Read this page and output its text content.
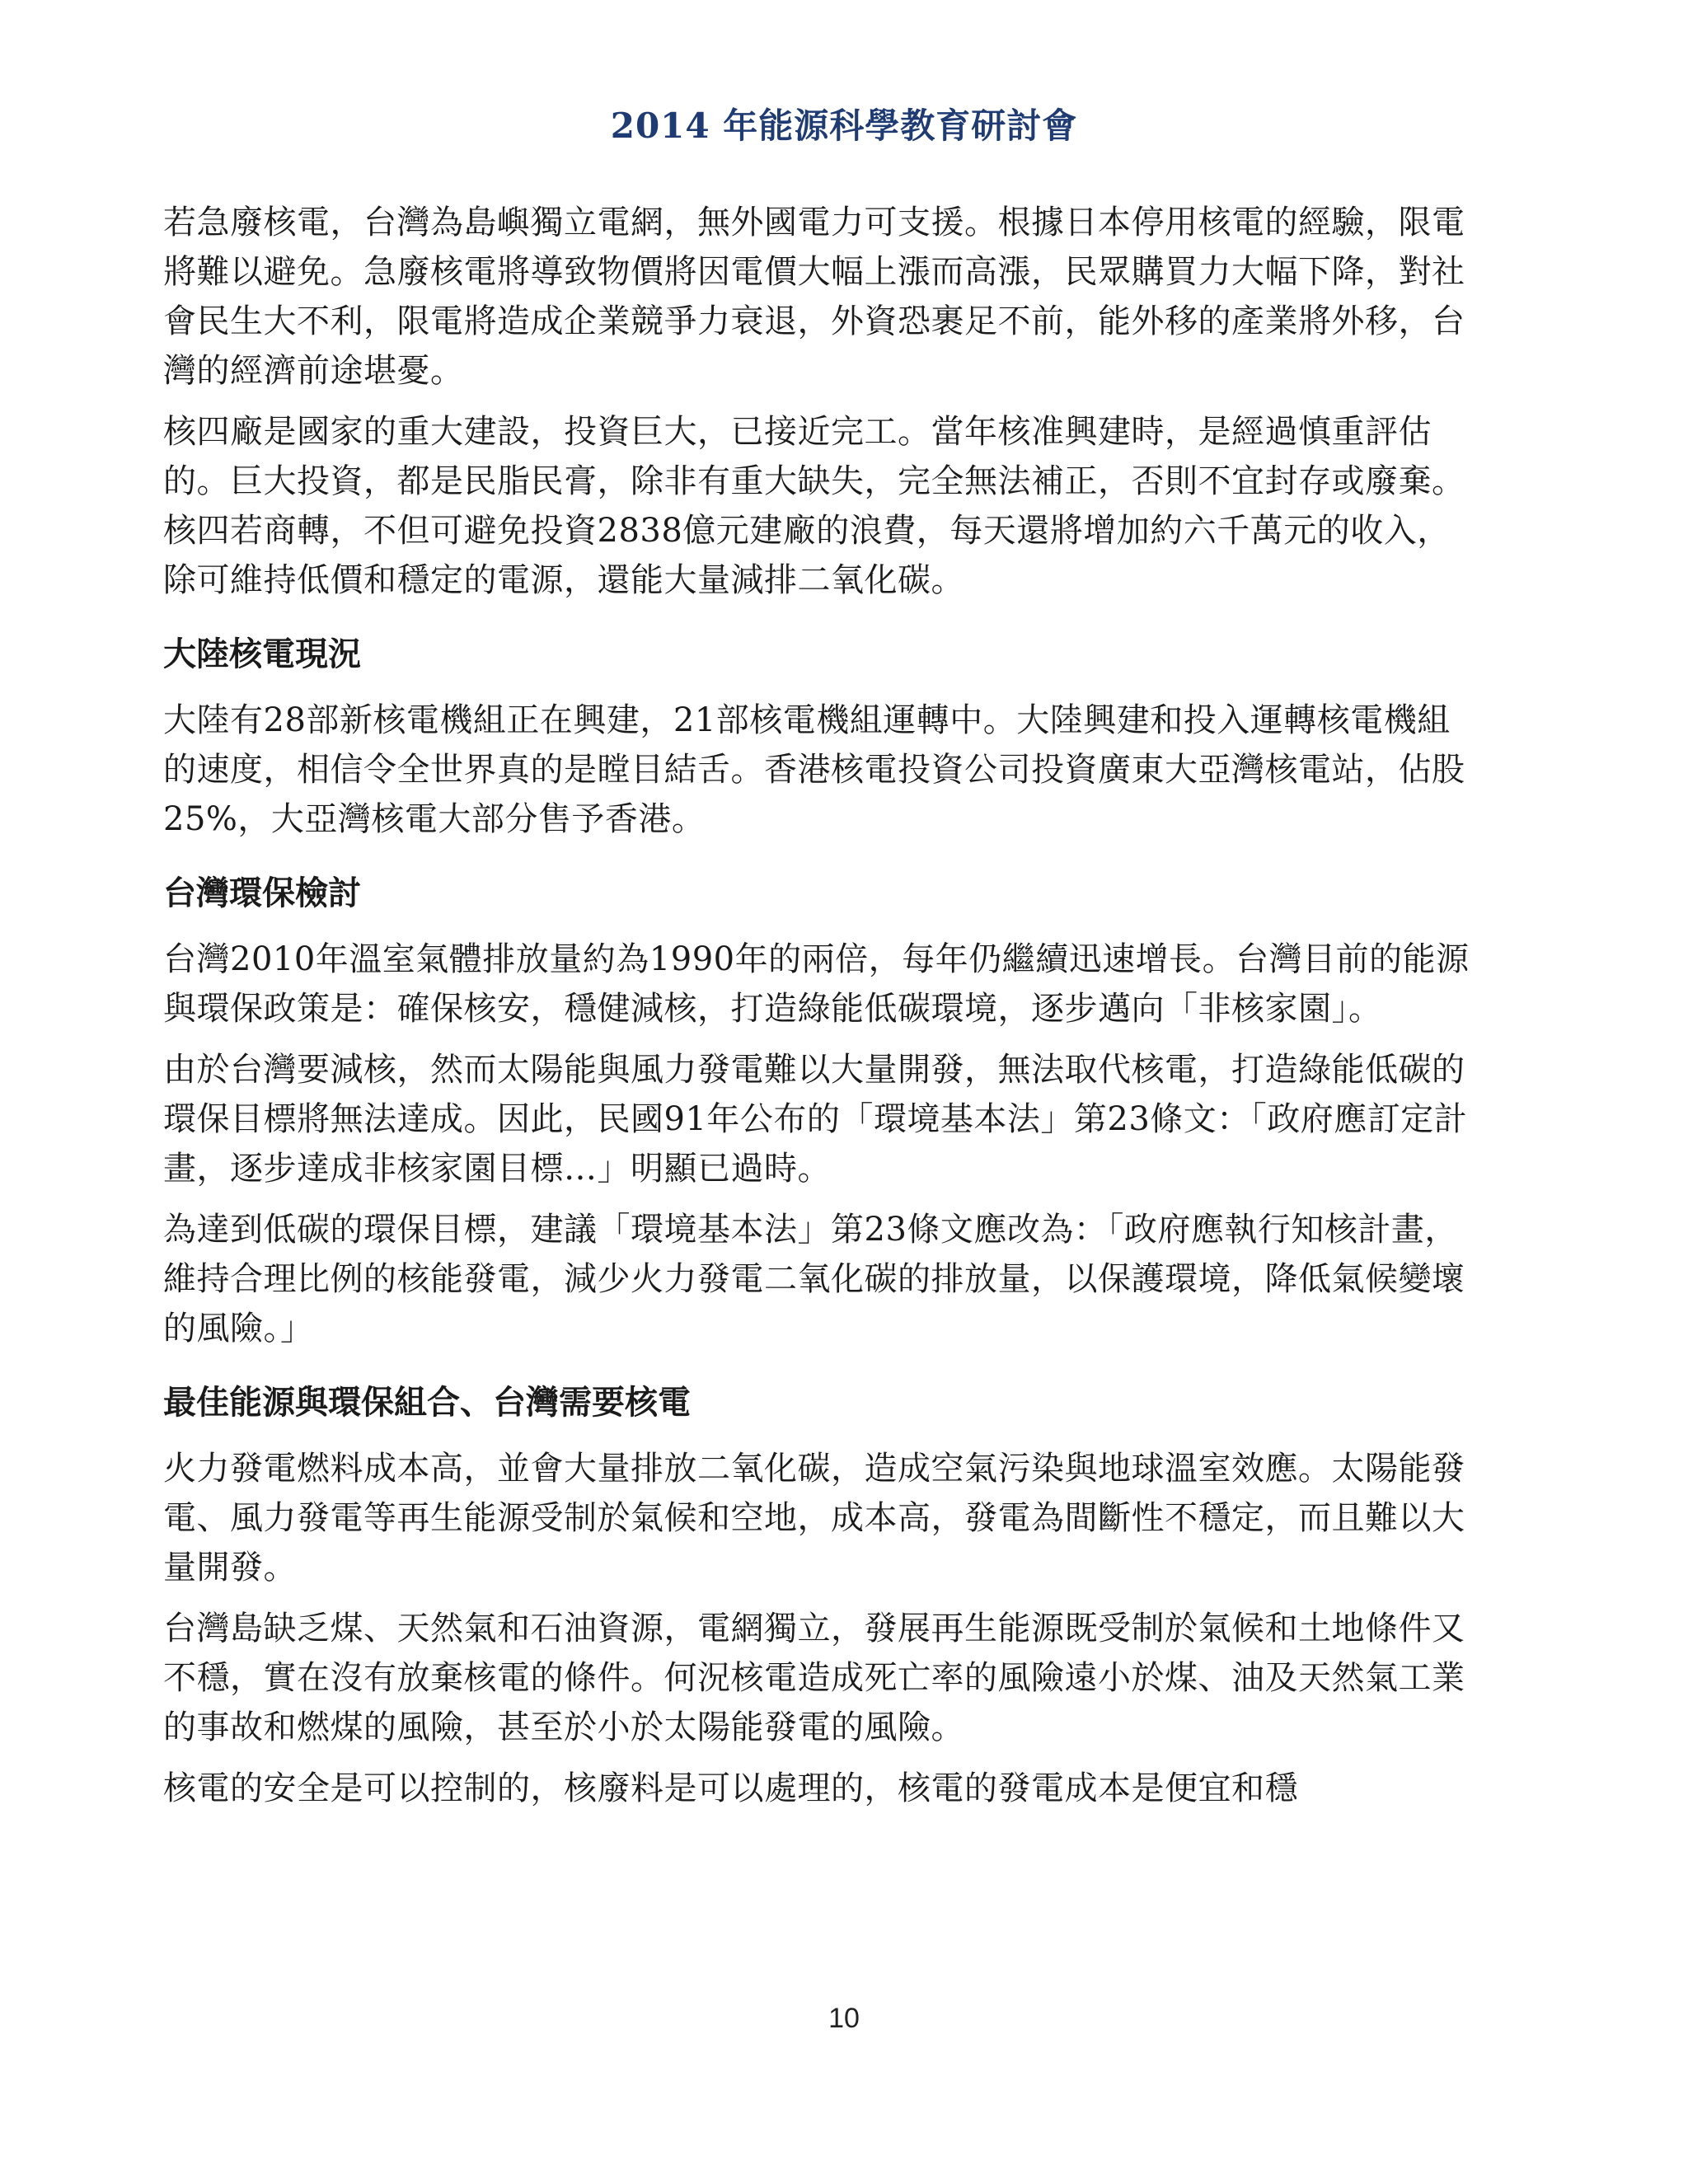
2014 年能源科學教育研討會

若急廢核電，台灣為島嶼獨立電網，無外國電力可支援。根據日本停用核電的經驗，限電將難以避免。急廢核電將導致物價將因電價大幅上漲而高漲，民眾購買力大幅下降，對社會民生大不利，限電將造成企業競爭力衰退，外資恐裹足不前，能外移的產業將外移，台灣的經濟前途堪憂。

核四廠是國家的重大建設，投資巨大，已接近完工。當年核准興建時，是經過慎重評估的。巨大投資，都是民脂民膏，除非有重大缺失，完全無法補正，否則不宜封存或廢棄。核四若商轉，不但可避免投資2838億元建廠的浪費，每天還將增加約六千萬元的收入，除可維持低價和穩定的電源，還能大量減排二氧化碳。

大陸核電現況

大陸有28部新核電機組正在興建，21部核電機組運轉中。大陸興建和投入運轉核電機組的速度，相信令全世界真的是瞠目結舌。香港核電投資公司投資廣東大亞灣核電站，佔股25%，大亞灣核電大部分售予香港。

台灣環保檢討

台灣2010年溫室氣體排放量約為1990年的兩倍，每年仍繼續迅速增長。台灣目前的能源與環保政策是：確保核安，穩健減核，打造綠能低碳環境，逐步邁向「非核家園」。

由於台灣要減核，然而太陽能與風力發電難以大量開發，無法取代核電，打造綠能低碳的環保目標將無法達成。因此，民國91年公布的「環境基本法」第23條文：「政府應訂定計畫，逐步達成非核家園目標…」明顯已過時。

為達到低碳的環保目標，建議「環境基本法」第23條文應改為：「政府應執行知核計畫，維持合理比例的核能發電，減少火力發電二氧化碳的排放量，以保護環境，降低氣候變壞的風險。」

最佳能源與環保組合、台灣需要核電

火力發電燃料成本高，並會大量排放二氧化碳，造成空氣污染與地球溫室效應。太陽能發電、風力發電等再生能源受制於氣候和空地，成本高，發電為間斷性不穩定，而且難以大量開發。

台灣島缺乏煤、天然氣和石油資源，電網獨立，發展再生能源既受制於氣候和土地條件又不穩，實在沒有放棄核電的條件。何況核電造成死亡率的風險遠小於煤、油及天然氣工業的事故和燃煤的風險，甚至於小於太陽能發電的風險。

核電的安全是可以控制的，核廢料是可以處理的，核電的發電成本是便宜和穩

10
